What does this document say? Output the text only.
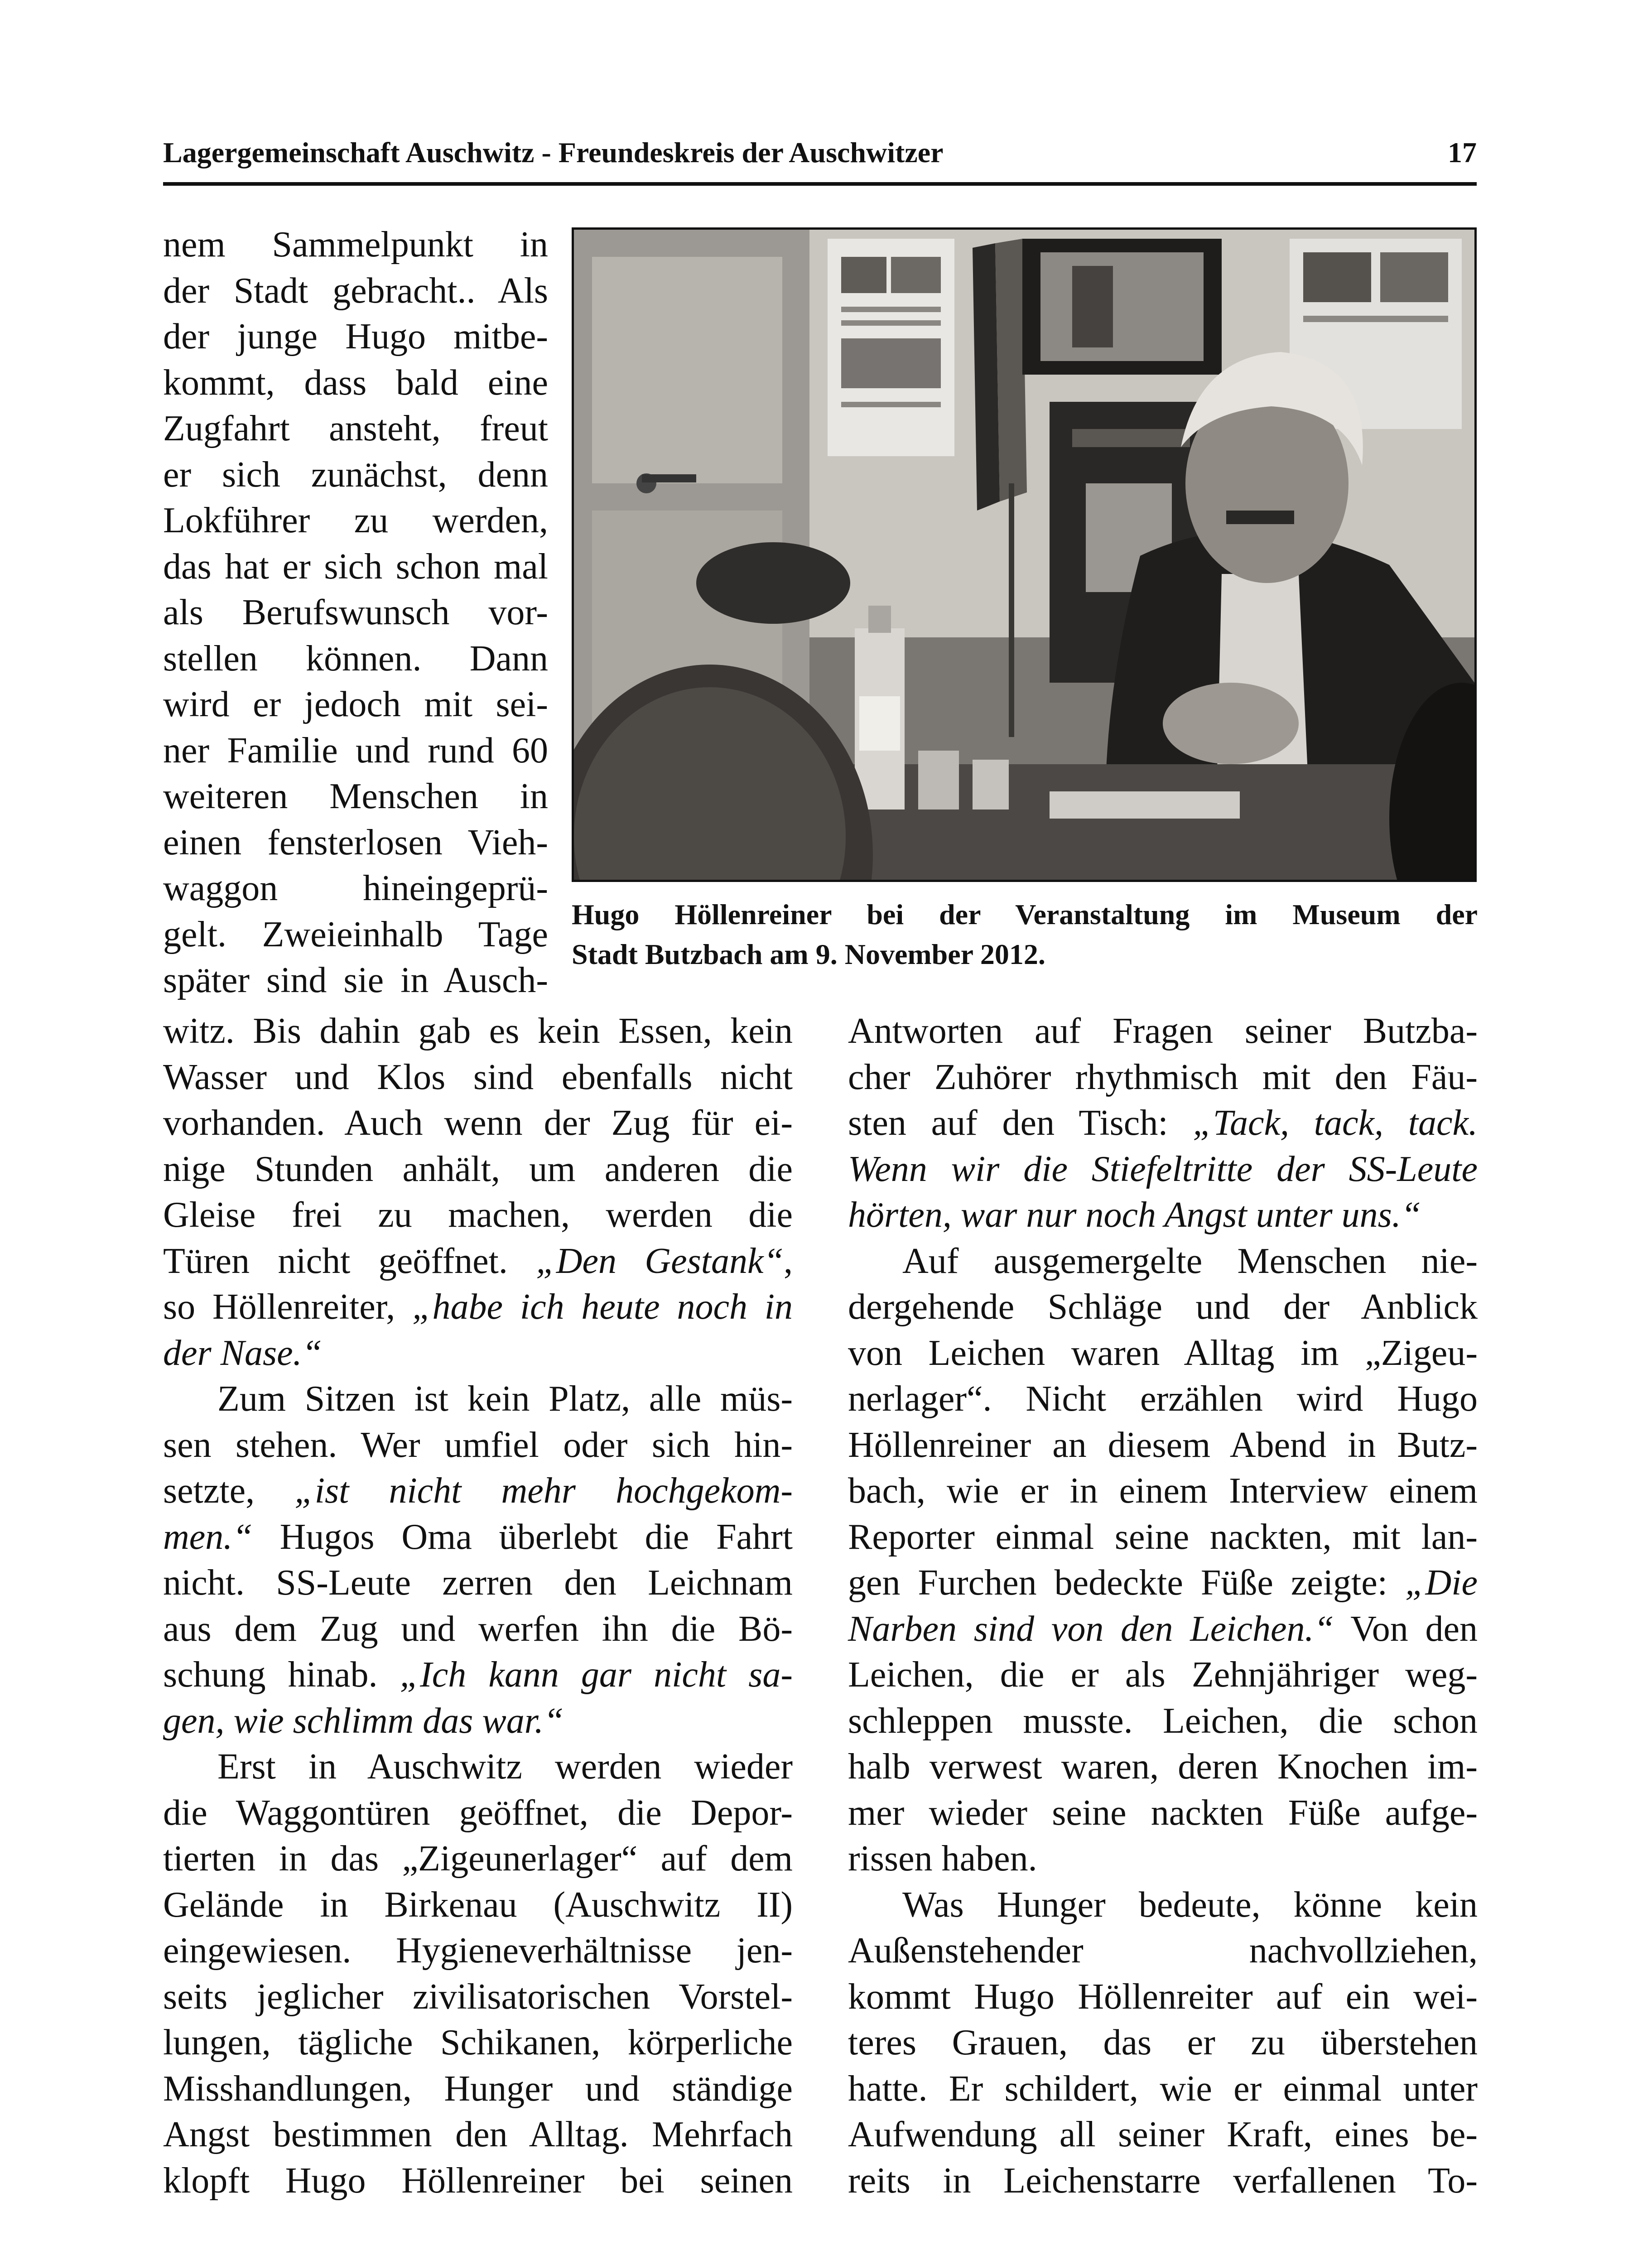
Lagergemeinschaft Auschwitz - Freundeskreis der Auschwitzer	17
Hugo Höllenreiner bei der Veranstaltung im Museum der
Stadt Butzbach am 9. November 2012.
nem Sammelpunkt in
der Stadt gebracht.. Als
der junge Hugo mitbe-
kommt, dass bald eine
Zugfahrt ansteht, freut
er sich zunächst, denn
Lokführer zu werden,
das hat er sich schon mal
als Berufswunsch vor-
stellen können. Dann
wird er jedoch mit sei-
ner Familie und rund 60
weiteren Menschen in
einen fensterlosen Vieh-
waggon hineingeprü-
gelt. Zweieinhalb Tage
später sind sie in Ausch-
witz. Bis dahin gab es kein Essen, kein
Wasser und Klos sind ebenfalls nicht
vorhanden. Auch wenn der Zug für ei-
nige Stunden anhält, um anderen die
Gleise frei zu machen, werden die
Türen nicht geöffnet. „Den Gestank“,
so Höllenreiter, „habe ich heute noch in
der Nase.“
Zum Sitzen ist kein Platz, alle müs-
sen stehen. Wer umfiel oder sich hin-
setzte, „ist nicht mehr hochgekom-
men.“ Hugos Oma überlebt die Fahrt
nicht. SS-Leute zerren den Leichnam
aus dem Zug und werfen ihn die Bö-
schung hinab. „Ich kann gar nicht sa-
gen, wie schlimm das war.“
Erst in Auschwitz werden wieder
die Waggontüren geöffnet, die Depor-
tierten in das „Zigeunerlager“ auf dem
Gelände in Birkenau (Auschwitz II)
eingewiesen. Hygieneverhältnisse jen-
seits jeglicher zivilisatorischen Vorstel-
lungen, tägliche Schikanen, körperliche
Misshandlungen, Hunger und ständige
Angst bestimmen den Alltag. Mehrfach
klopft Hugo Höllenreiner bei seinen
Antworten auf Fragen seiner Butzba-
cher Zuhörer rhythmisch mit den Fäu-
sten auf den Tisch: „Tack, tack, tack.
Wenn wir die Stiefeltritte der SS-Leute
hörten, war nur noch Angst unter uns.“
Auf ausgemergelte Menschen nie-
dergehende Schläge und der Anblick
von Leichen waren Alltag im „Zigeu-
nerlager“. Nicht erzählen wird Hugo
Höllenreiner an diesem Abend in Butz-
bach, wie er in einem Interview einem
Reporter einmal seine nackten, mit lan-
gen Furchen bedeckte Füße zeigte: „Die
Narben sind von den Leichen.“ Von den
Leichen, die er als Zehnjähriger weg-
schleppen musste. Leichen, die schon
halb verwest waren, deren Knochen im-
mer wieder seine nackten Füße aufge-
rissen haben.
Was Hunger bedeute, könne kein
Außenstehender nachvollziehen,
kommt Hugo Höllenreiter auf ein wei-
teres Grauen, das er zu überstehen
hatte. Er schildert, wie er einmal unter
Aufwendung all seiner Kraft, eines be-
reits in Leichenstarre verfallenen To-
